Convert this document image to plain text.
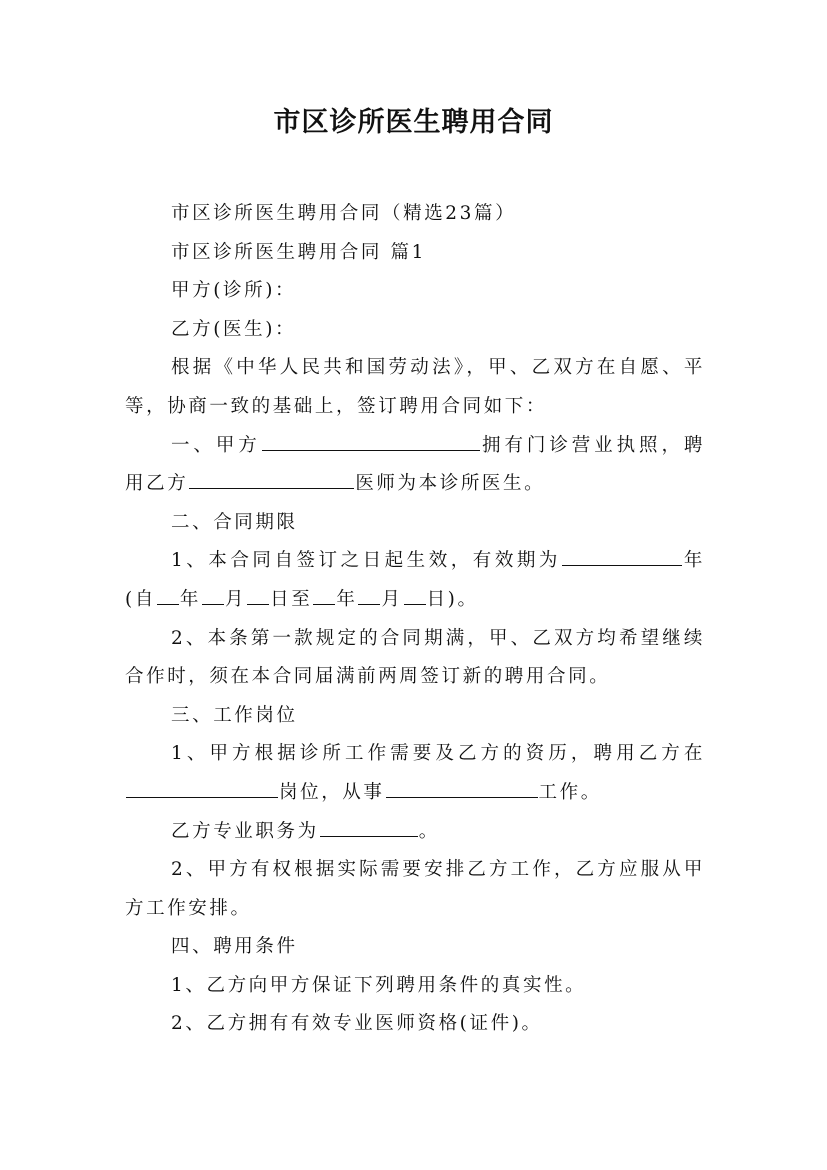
市区诊所医生聘用合同

市区诊所医生聘用合同（精选23篇）

市区诊所医生聘用合同 篇1

甲方(诊所)：

乙方(医生)：

根据《中华人民共和国劳动法》，甲、乙双方在自愿、平等，协商一致的基础上，签订聘用合同如下：

一、甲方	拥有门诊营业执照，聘用乙方	医师为本诊所医生。

二、合同期限

1、本合同自签订之日起生效，有效期为	年(自 年 月 日至 年 月 日)。

2、本条第一款规定的合同期满，甲、乙双方均希望继续合作时，须在本合同届满前两周签订新的聘用合同。

三、工作岗位

1、甲方根据诊所工作需要及乙方的资历，聘用乙方在岗位，从事	工作。

乙方专业职务为	。

2、甲方有权根据实际需要安排乙方工作，乙方应服从甲方工作安排。

四、聘用条件

1、乙方向甲方保证下列聘用条件的真实性。

2、乙方拥有有效专业医师资格(证件)。
